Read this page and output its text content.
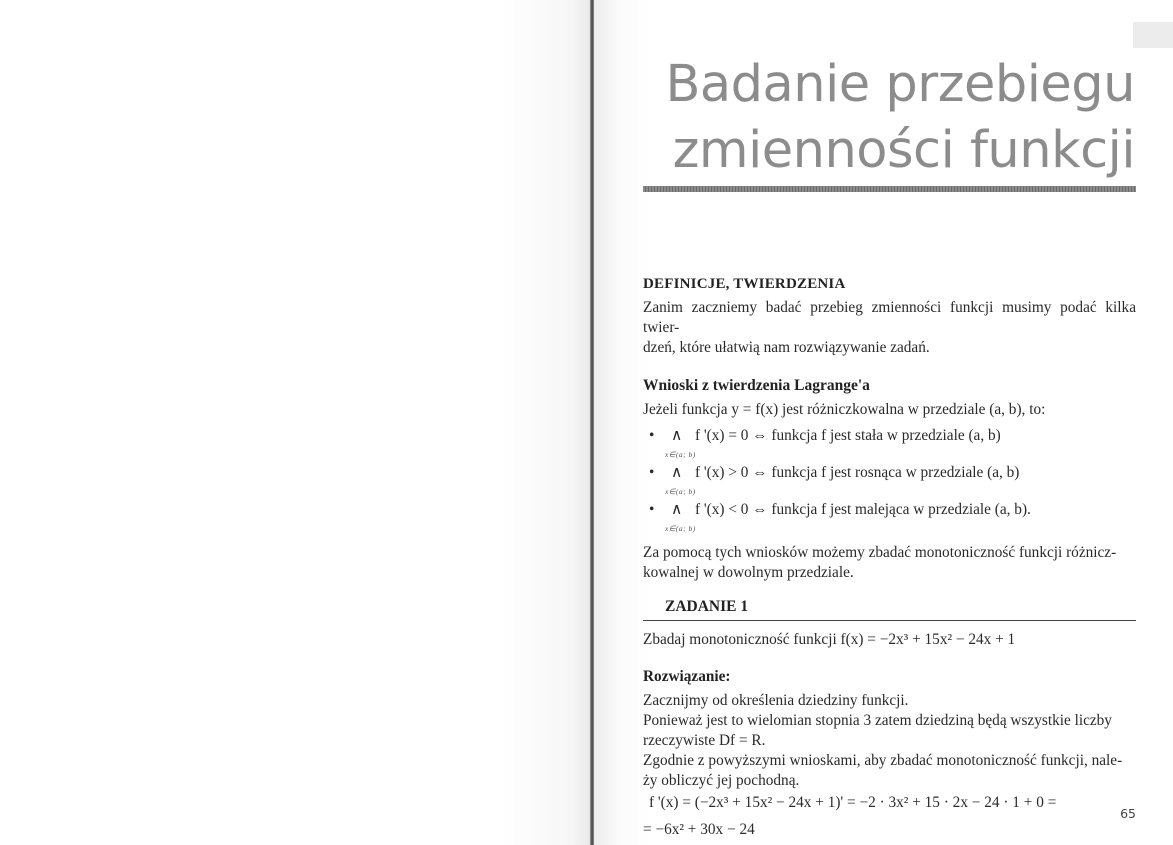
Badanie przebiegu
zmienności funkcji
DEFINICJE, TWIERDZENIA

Zanim zaczniemy badać przebieg zmienności funkcji musimy podać kilka twier-

dzeń, które ułatwią nam rozwiązywanie zadań.

Wnioski z twierdzenia Lagrange'a

Jeżeli funkcja y = f(x) jest różniczkowalna w przedziale (a, b), to:

• ∧ f '(x) = 0 ⇔ funkcja f jest stała w przedziale (a, b)
x∈(a; b)
• ∧ f '(x) > 0 ⇔ funkcja f jest rosnąca w przedziale (a, b)
x∈(a; b)
• ∧ f '(x) < 0 ⇔ funkcja f jest malejąca w przedziale (a, b).
x∈(a; b)

Za pomocą tych wniosków możemy zbadać monotoniczność funkcji różnicz-

kowalnej w dowolnym przedziale.

ZADANIE 1

Zbadaj monotoniczność funkcji f(x) = −2x³ + 15x² − 24x + 1

Rozwiązanie:

Zacznijmy od określenia dziedziny funkcji.

Ponieważ jest to wielomian stopnia 3 zatem dziedziną będą wszystkie liczby

rzeczywiste Df = R.

Zgodnie z powyższymi wnioskami, aby zbadać monotoniczność funkcji, nale-

ży obliczyć jej pochodną.

f '(x) = (−2x³ + 15x² − 24x + 1)' = −2 · 3x² + 15 · 2x − 24 · 1 + 0 =

= −6x² + 30x − 24

65
